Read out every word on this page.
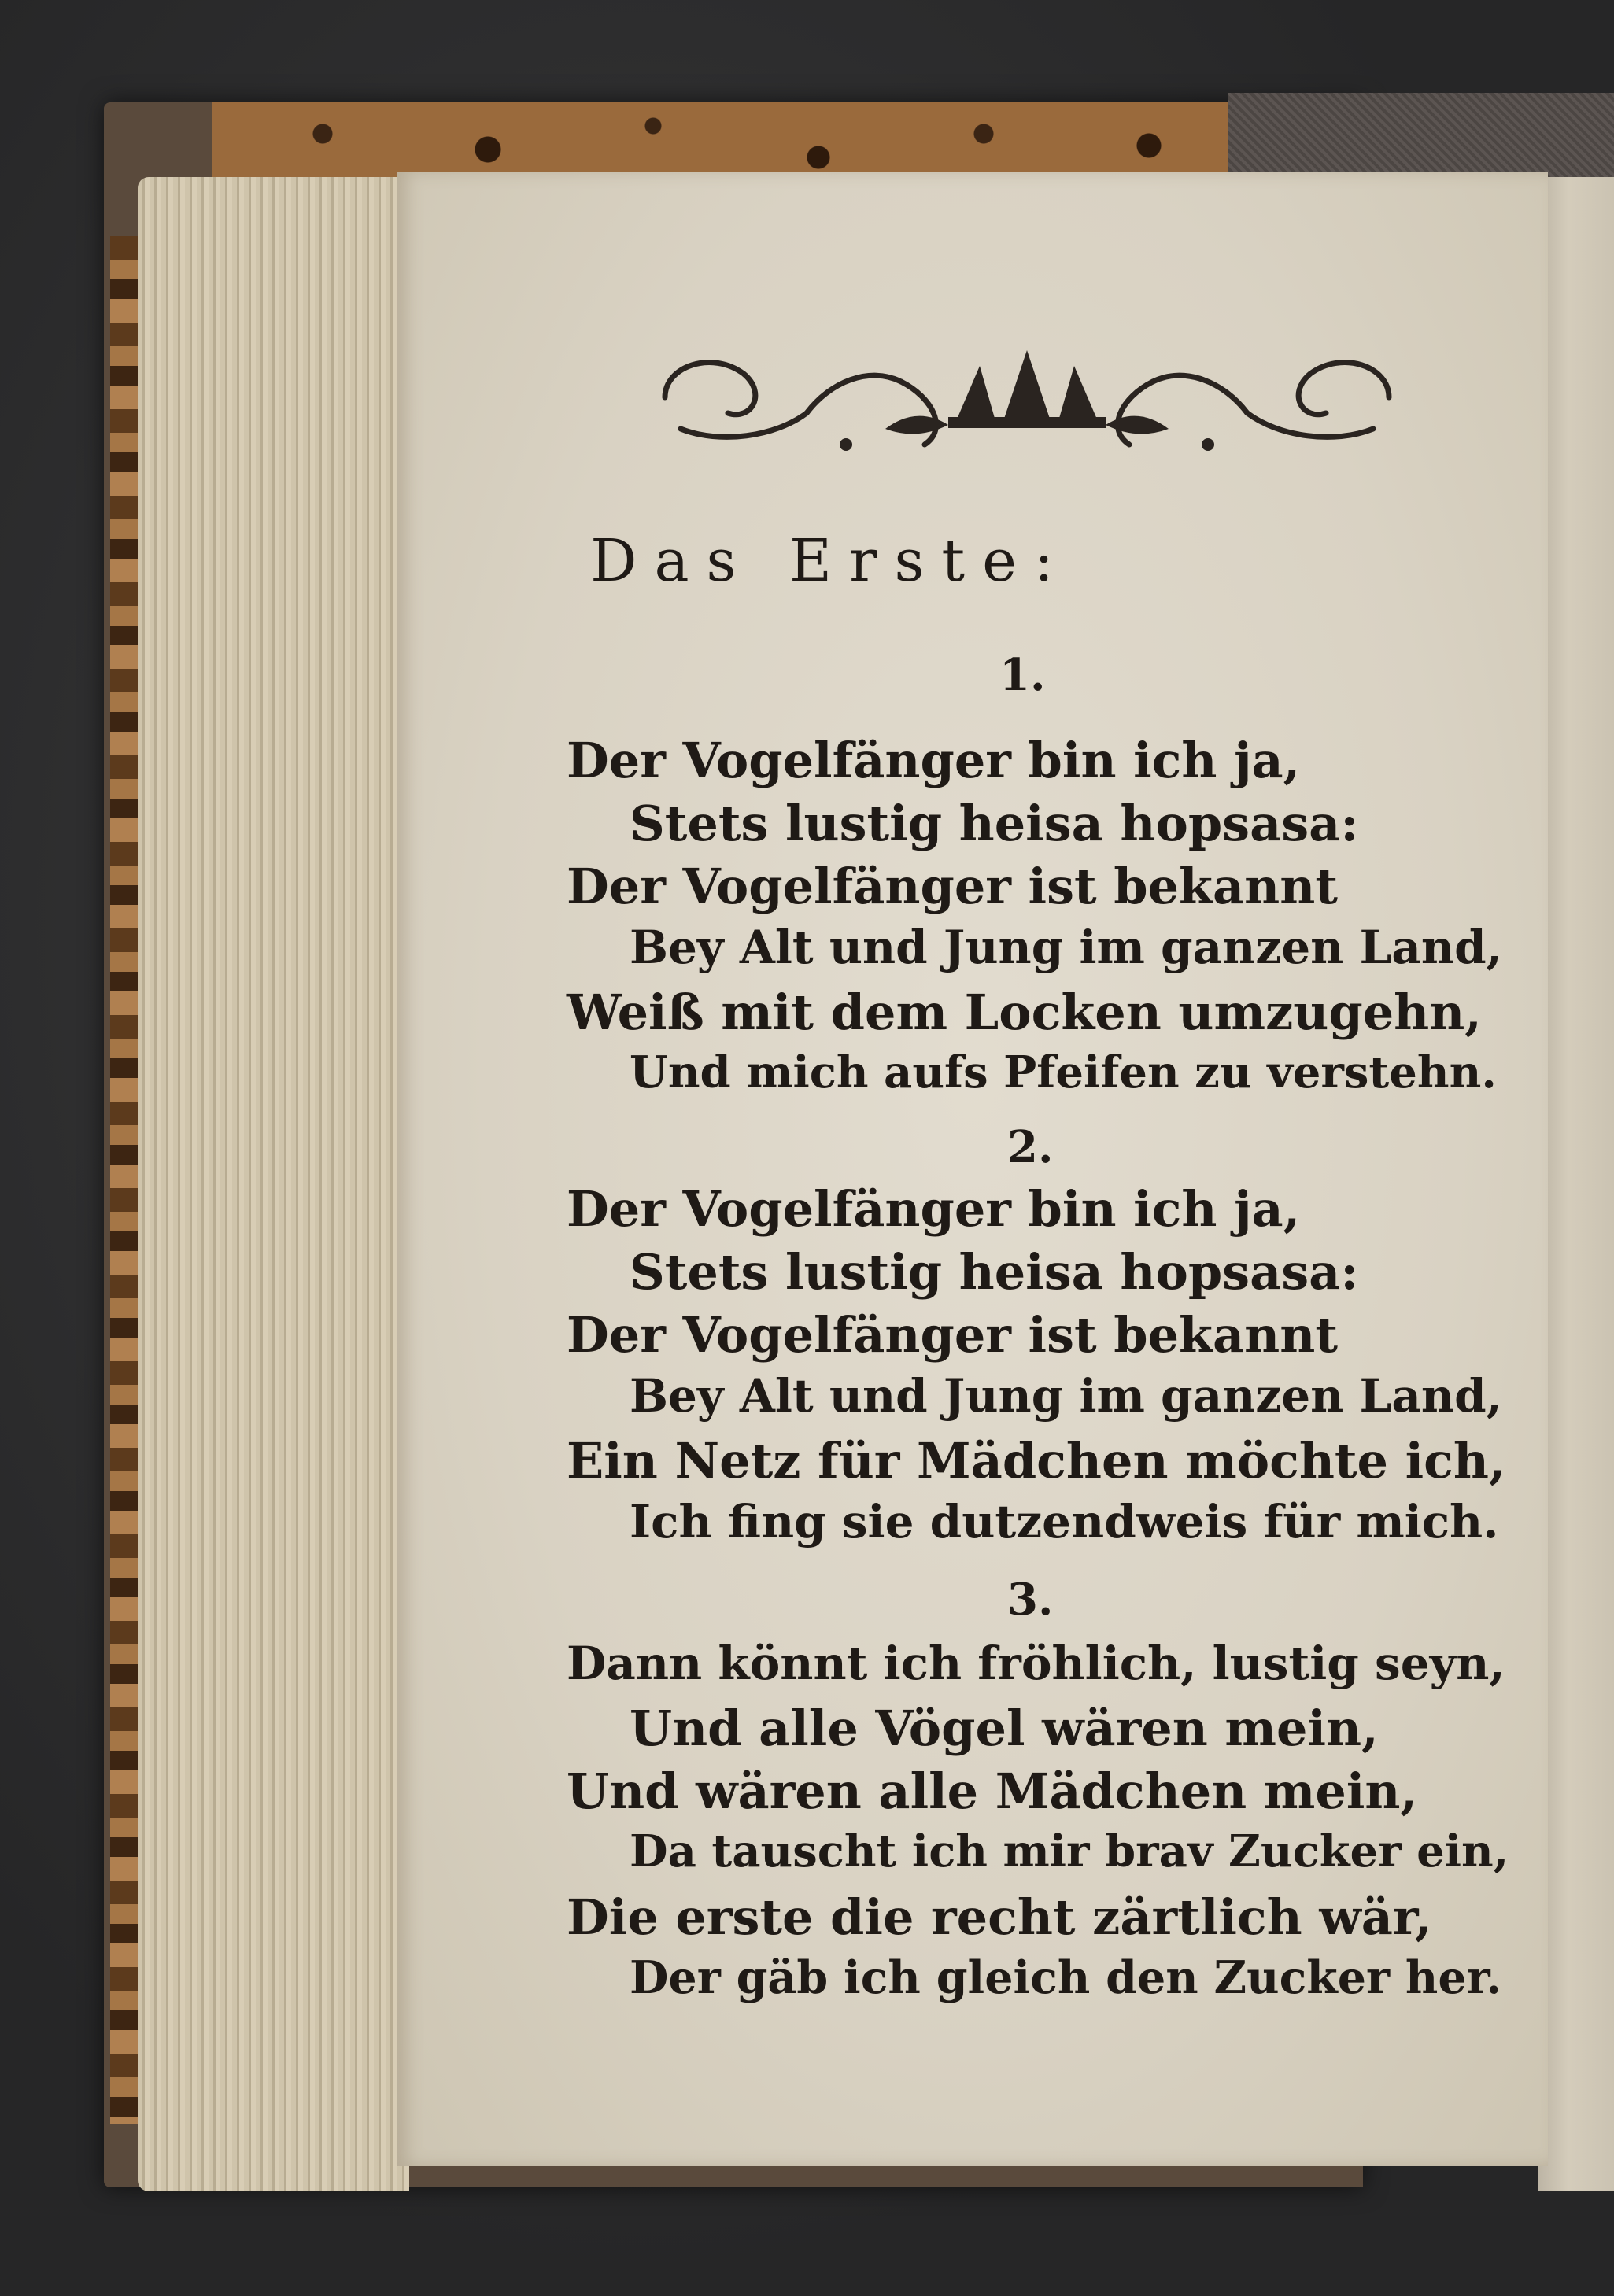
Das Erste:
1.
Der Vogelfänger bin ich ja,
Stets lustig heisa hopsasa:
Der Vogelfänger ist bekannt
Bey Alt und Jung im ganzen Land,
Weiß mit dem Locken umzugehn,
Und mich aufs Pfeifen zu verstehn.
2.
Der Vogelfänger bin ich ja,
Stets lustig heisa hopsasa:
Der Vogelfänger ist bekannt
Bey Alt und Jung im ganzen Land,
Ein Netz für Mädchen möchte ich,
Ich fing sie dutzendweis für mich.
3.
Dann könnt ich fröhlich, lustig seyn,
Und alle Vögel wären mein,
Und wären alle Mädchen mein,
Da tauscht ich mir brav Zucker ein,
Die erste die recht zärtlich wär,
Der gäb ich gleich den Zucker her.
